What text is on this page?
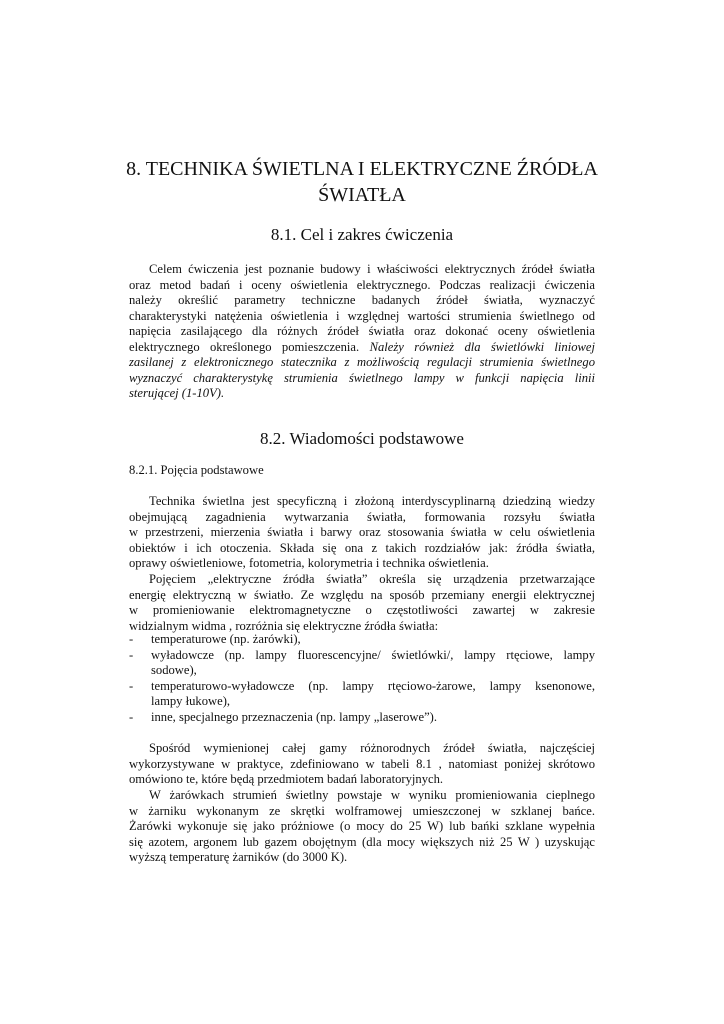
8. TECHNIKA ŚWIETLNA I ELEKTRYCZNE ŹRÓDŁA
ŚWIATŁA
8.1. Cel i zakres ćwiczenia

Celem ćwiczenia jest poznanie budowy i właściwości elektrycznych źródeł światła
oraz metod badań i oceny oświetlenia elektrycznego. Podczas realizacji ćwiczenia
należy określić parametry techniczne badanych źródeł światła, wyznaczyć
charakterystyki natężenia oświetlenia i względnej wartości strumienia świetlnego od
napięcia zasilającego dla różnych źródeł światła oraz dokonać oceny oświetlenia
elektrycznego określonego pomieszczenia. Należy również dla świetlówki liniowej
zasilanej z elektronicznego statecznika z możliwością regulacji strumienia świetlnego
wyznaczyć charakterystykę strumienia świetlnego lampy w funkcji napięcia linii
sterującej (1-10V).

8.2. Wiadomości podstawowe

8.2.1. Pojęcia podstawowe

Technika świetlna jest specyficzną i złożoną interdyscyplinarną dziedziną wiedzy
obejmującą zagadnienia wytwarzania światła, formowania rozsyłu światła
w przestrzeni, mierzenia światła i barwy oraz stosowania światła w celu oświetlenia
obiektów i ich otoczenia. Składa się ona z takich rozdziałów jak: źródła światła,
oprawy oświetleniowe, fotometria, kolorymetria i technika oświetlenia.

Pojęciem „elektryczne źródła światła” określa się urządzenia przetwarzające
energię elektryczną w światło. Ze względu na sposób przemiany energii elektrycznej
w promieniowanie elektromagnetyczne o częstotliwości zawartej w zakresie
widzialnym widma , rozróżnia się elektryczne źródła światła:

- temperaturowe (np. żarówki),
- wyładowcze (np. lampy fluorescencyjne/ świetlówki/, lampy rtęciowe, lampy
sodowe),
- temperaturowo-wyładowcze (np. lampy rtęciowo-żarowe, lampy ksenonowe,
lampy łukowe),
- inne, specjalnego przeznaczenia (np. lampy „laserowe”).

Spośród wymienionej całej gamy różnorodnych źródeł światła, najczęściej
wykorzystywane w praktyce, zdefiniowano w tabeli 8.1 , natomiast poniżej skrótowo
omówiono te, które będą przedmiotem badań laboratoryjnych.

W żarówkach strumień świetlny powstaje w wyniku promieniowania cieplnego
w żarniku wykonanym ze skrętki wolframowej umieszczonej w szklanej bańce.
Żarówki wykonuje się jako próżniowe (o mocy do 25 W) lub bańki szklane wypełnia
się azotem, argonem lub gazem obojętnym (dla mocy większych niż 25 W ) uzyskując
wyższą temperaturę żarników (do 3000 K).
